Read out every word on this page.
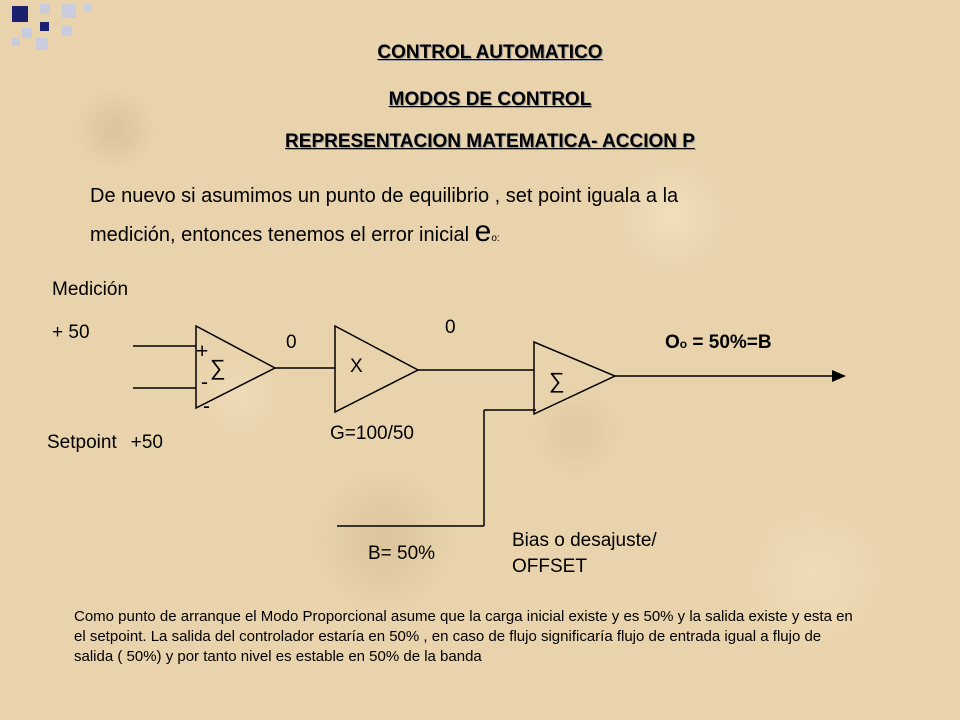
CONTROL AUTOMATICO
MODOS DE CONTROL
REPRESENTACION MATEMATICA- ACCION P
De nuevo si asumimos un punto de equilibrio , set point iguala a la
medición, entonces tenemos el error inicial eo:
Medición
+ 50
+
∑
-
-
0
X
0
∑
Oo = 50%=B
Setpoint +50	G=100/50
B= 50%
Bias o desajuste/
OFFSET
Como punto de arranque el Modo Proporcional asume que la carga inicial existe y es 50% y la salida existe y esta en el setpoint. La salida del controlador estaría en 50% , en caso de flujo significaría flujo de entrada igual a flujo de salida ( 50%) y por tanto nivel es estable en 50% de la banda
